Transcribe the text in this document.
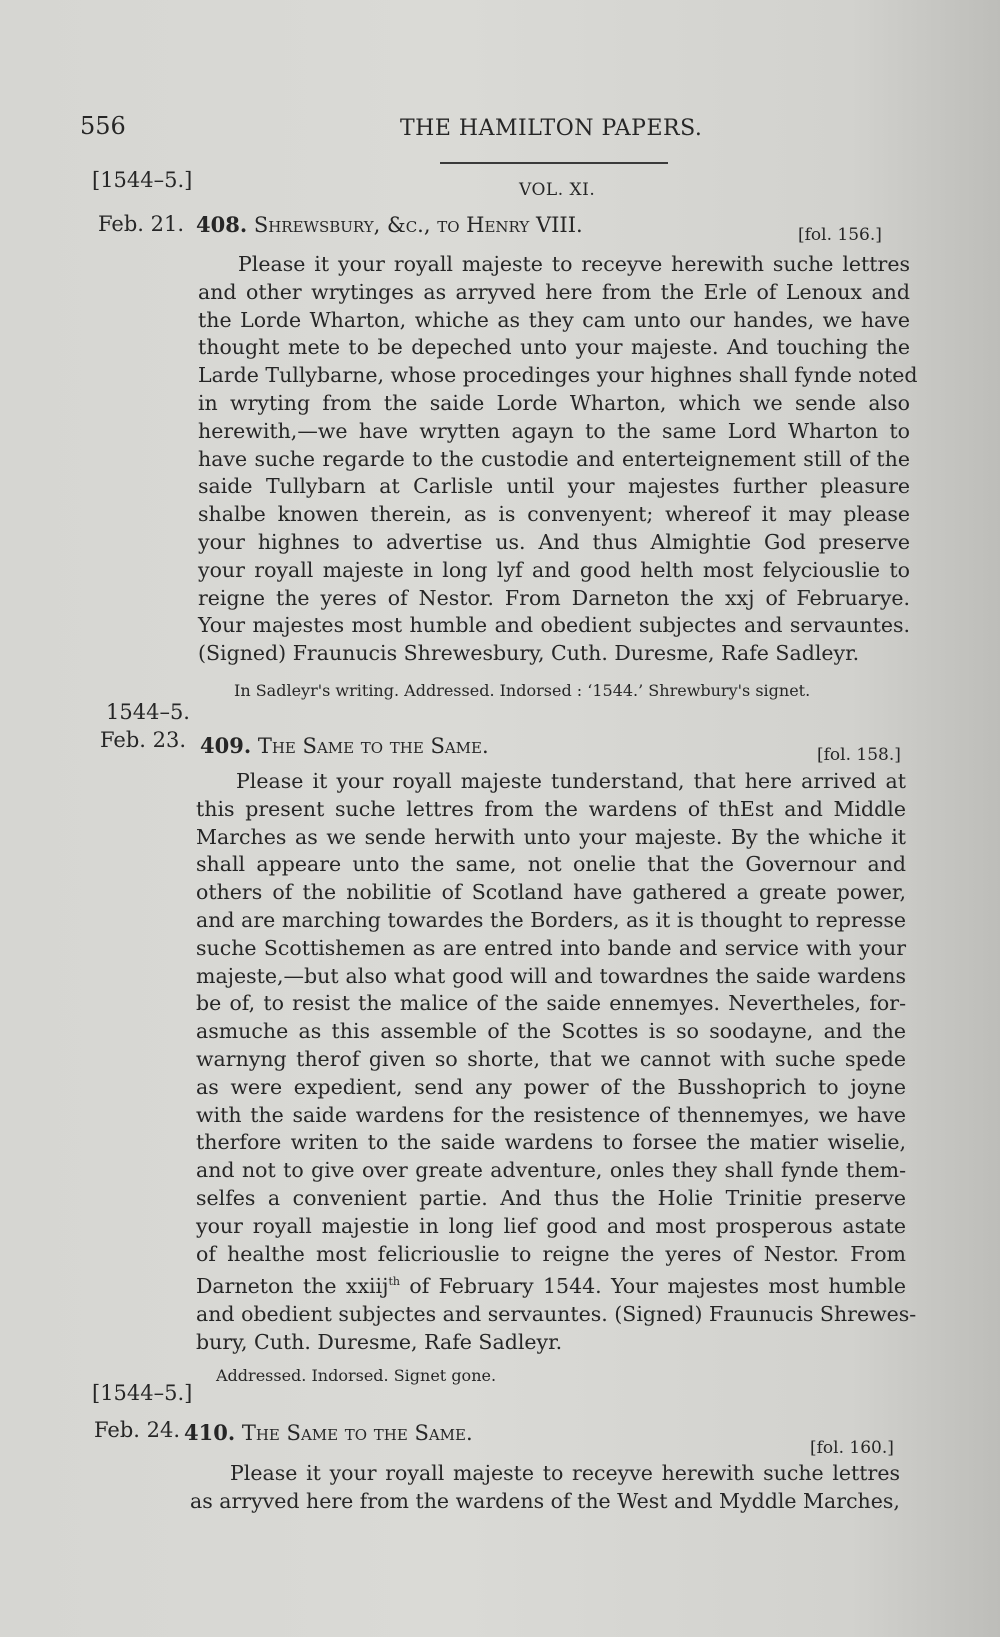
556	THE HAMILTON PAPERS.
[1544–5.]	VOL. XI.
Feb. 21. 408. Shrewsbury, &c., to Henry VIII.	[fol. 156.]
Please it your royall majeste to receyve herewith suche lettres
and other wrytinges as arryved here from the Erle of Lenoux and
the Lorde Wharton, whiche as they cam unto our handes, we have
thought mete to be depeched unto your majeste. And touching the
Larde Tullybarne, whose procedinges your highnes shall fynde noted
in wryting from the saide Lorde Wharton, which we sende also
herewith,—we have wrytten agayn to the same Lord Wharton to
have suche regarde to the custodie and enterteignement still of the
saide Tullybarn at Carlisle until your majestes further pleasure
shalbe knowen therein, as is convenyent; whereof it may please
your highnes to advertise us. And thus Almightie God preserve
your royall majeste in long lyf and good helth most felyciouslie to
reigne the yeres of Nestor. From Darneton the xxj of Februarye.
Your majestes most humble and obedient subjectes and servauntes.
(Signed) Fraunucis Shrewesbury, Cuth. Duresme, Rafe Sadleyr.
In Sadleyr's writing. Addressed. Indorsed : ‘1544.’ Shrewbury's signet.
1544–5.
Feb. 23. 409. The Same to the Same.	[fol. 158.]
Please it your royall majeste tunderstand, that here arrived at
this present suche lettres from the wardens of thEst and Middle
Marches as we sende herwith unto your majeste. By the whiche it
shall appeare unto the same, not onelie that the Governour and
others of the nobilitie of Scotland have gathered a greate power,
and are marching towardes the Borders, as it is thought to represse
suche Scottishemen as are entred into bande and service with your
majeste,—but also what good will and towardnes the saide wardens
be of, to resist the malice of the saide ennemyes. Nevertheles, for-
asmuche as this assemble of the Scottes is so soodayne, and the
warnyng therof given so shorte, that we cannot with suche spede
as were expedient, send any power of the Busshoprich to joyne
with the saide wardens for the resistence of thennemyes, we have
therfore writen to the saide wardens to forsee the matier wiselie,
and not to give over greate adventure, onles they shall fynde them-
selfes a convenient partie. And thus the Holie Trinitie preserve
your royall majestie in long lief good and most prosperous astate
of healthe most felicriouslie to reigne the yeres of Nestor. From
Darneton the xxiij$^{th}$ of February 1544. Your majestes most humble
and obedient subjectes and servauntes. (Signed) Fraunucis Shrewes-
bury, Cuth. Duresme, Rafe Sadleyr.
Addressed. Indorsed. Signet gone.
[1544–5.]
Feb. 24. 410. The Same to the Same.
[fol. 160.]
Please it your royall majeste to receyve herewith suche lettres
as arryved here from the wardens of the West and Myddle Marches,
